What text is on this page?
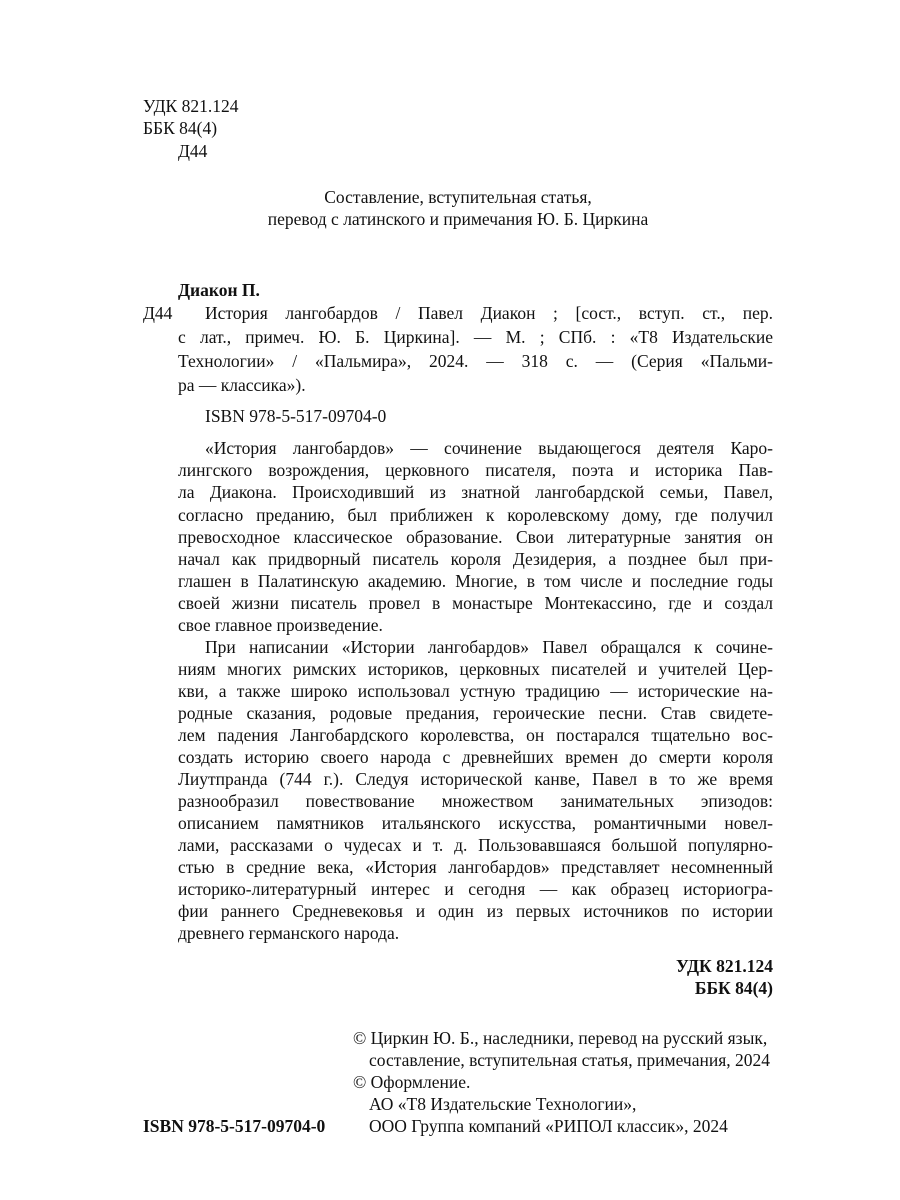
УДК 821.124
ББК 84(4)
Д44
Составление, вступительная статья,
перевод с латинского и примечания Ю. Б. Циркина
Диакон П.
Д44 История лангобардов / Павел Диакон ; [сост., вступ. ст., пер.
с лат., примеч. Ю. Б. Циркина]. — М. ; СПб. : «Т8 Издательские
Технологии» / «Пальмира», 2024. — 318 с. — (Серия «Пальми-
ра — классика»).
ISBN 978-5-517-09704-0
«История лангобардов» — сочинение выдающегося деятеля Каро-
лингского возрождения, церковного писателя, поэта и историка Пав-
ла Диакона. Происходивший из знатной лангобардской семьи, Павел,
согласно преданию, был приближен к королевскому дому, где получил
превосходное классическое образование. Свои литературные занятия он
начал как придворный писатель короля Дезидерия, а позднее был при-
глашен в Палатинскую академию. Многие, в том числе и последние годы
своей жизни писатель провел в монастыре Монтекассино, где и создал
свое главное произведение.
При написании «Истории лангобардов» Павел обращался к сочине-
ниям многих римских историков, церковных писателей и учителей Цер-
кви, а также широко использовал устную традицию — исторические на-
родные сказания, родовые предания, героические песни. Став свидете-
лем падения Лангобардского королевства, он постарался тщательно вос-
создать историю своего народа с древнейших времен до смерти короля
Лиутпранда (744 г.). Следуя исторической канве, Павел в то же время
разнообразил повествование множеством занимательных эпизодов:
описанием памятников итальянского искусства, романтичными новел-
лами, рассказами о чудесах и т. д. Пользовавшаяся большой популярно-
стью в средние века, «История лангобардов» представляет несомненный
историко-литературный интерес и сегодня — как образец историогра-
фии раннего Средневековья и один из первых источников по истории
древнего германского народа.
УДК 821.124
ББК 84(4)
© Циркин Ю. Б., наследники, перевод на русский язык,
составление, вступительная статья, примечания, 2024
© Оформление.
АО «Т8 Издательские Технологии»,
ООО Группа компаний «РИПОЛ классик», 2024
ISBN 978-5-517-09704-0
